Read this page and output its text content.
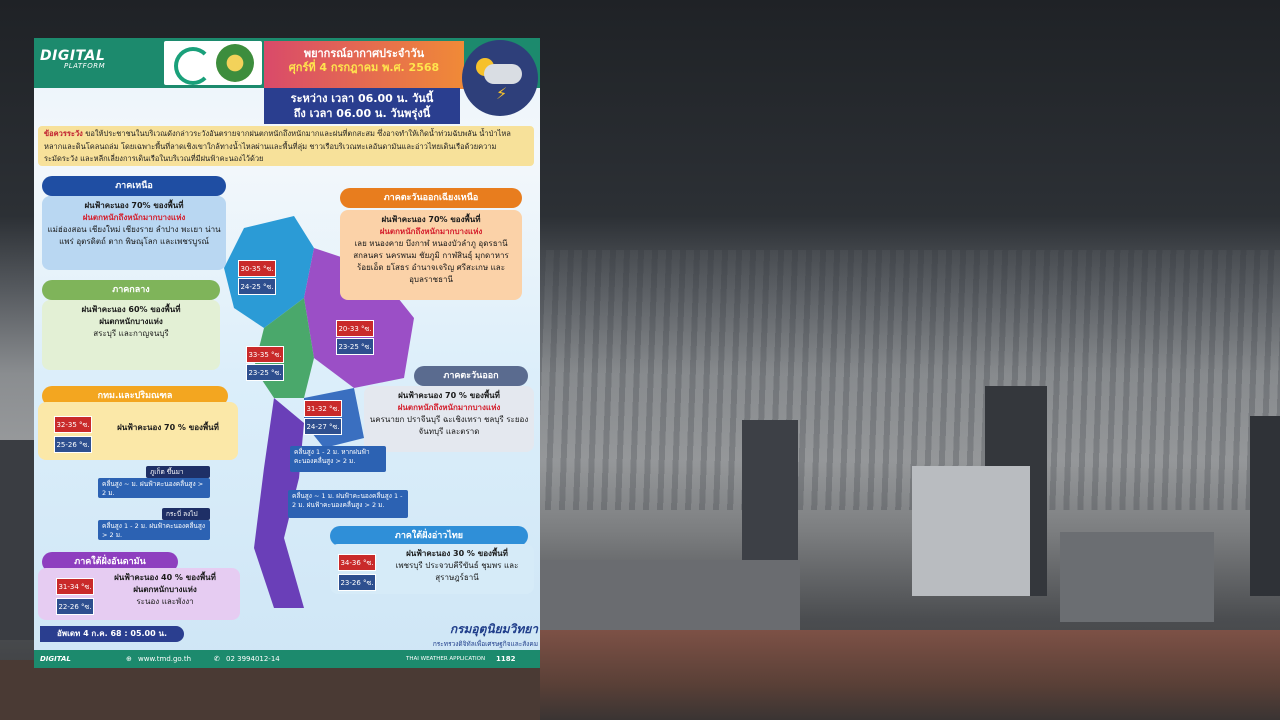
DIGITAL
PLATFORM
พยากรณ์อากาศประจำวัน
ศุกร์ที่ 4 กรกฎาคม พ.ศ. 2568
ระหว่าง เวลา 06.00 น. วันนี้
ถึง เวลา 06.00 น. วันพรุ่งนี้
⚡
ข้อควรระวัง ขอให้ประชาชนในบริเวณดังกล่าวระวังอันตรายจากฝนตกหนักถึงหนักมากและฝนที่ตกสะสม ซึ่งอาจทำให้เกิดน้ำท่วมฉับพลัน น้ำป่าไหลหลากและดินโคลนถล่ม โดยเฉพาะพื้นที่ลาดเชิงเขาใกล้ทางน้ำไหลผ่านและพื้นที่ลุ่ม ชาวเรือบริเวณทะเลอันดามันและอ่าวไทยเดินเรือด้วยความระมัดระวัง และหลีกเลี่ยงการเดินเรือในบริเวณที่มีฝนฟ้าคะนองไว้ด้วย
ภาคเหนือ
ฝนฟ้าคะนอง 70% ของพื้นที่
ฝนตกหนักถึงหนักมากบางแห่ง
แม่ฮ่องสอน เชียงใหม่ เชียงราย ลำปาง พะเยา น่าน แพร่ อุตรดิตถ์ ตาก พิษณุโลก และเพชรบูรณ์
30-35 °ซ.
24-25 °ซ.
ภาคกลาง
ฝนฟ้าคะนอง 60% ของพื้นที่
ฝนตกหนักบางแห่ง
สระบุรี และกาญจนบุรี
33-35 °ซ.
23-25 °ซ.
กทม.และปริมณฑล
ฝนฟ้าคะนอง 70 % ของพื้นที่
32-35 °ซ.
25-26 °ซ.
ภาคตะวันออกเฉียงเหนือ
ฝนฟ้าคะนอง 70% ของพื้นที่
ฝนตกหนักถึงหนักมากบางแห่ง
เลย หนองคาย บึงกาฬ หนองบัวลำภู อุดรธานี สกลนคร นครพนม ชัยภูมิ กาฬสินธุ์ มุกดาหาร ร้อยเอ็ด ยโสธร อำนาจเจริญ ศรีสะเกษ และอุบลราชธานี
20-33 °ซ.
23-25 °ซ.
ภาคตะวันออก
ฝนฟ้าคะนอง 70 % ของพื้นที่
ฝนตกหนักถึงหนักมากบางแห่ง
นครนายก ปราจีนบุรี ฉะเชิงเทรา ชลบุรี ระยอง จันทบุรี และตราด
31-32 °ซ.
24-27 °ซ.
คลื่นสูง 1 - 2 ม. หากฝนฟ้าคะนองคลื่นสูง > 2 ม.
ภูเก็ต ขึ้นมา
คลื่นสูง ~ ม. ฝนฟ้าคะนองคลื่นสูง > 2 ม.
กระบี่ ลงไป
คลื่นสูง 1 - 2 ม. ฝนฟ้าคะนองคลื่นสูง > 2 ม.
คลื่นสูง ~ 1 ม. ฝนฟ้าคะนองคลื่นสูง 1 - 2 ม. ฝนฟ้าคะนองคลื่นสูง > 2 ม.
ภาคใต้ฝั่งอ่าวไทย
ฝนฟ้าคะนอง 30 % ของพื้นที่
เพชรบุรี ประจวบคีรีขันธ์ ชุมพร และสุราษฎร์ธานี
34-36 °ซ.
23-26 °ซ.
ภาคใต้ฝั่งอันดามัน
ฝนฟ้าคะนอง 40 % ของพื้นที่
ฝนตกหนักบางแห่ง
ระนอง และพังงา
31-34 °ซ.
22-26 °ซ.
อัพเดท 4 ก.ค. 68 : 05.00 น.	กรมอุตุนิยมวิทยา
กระทรวงดิจิทัลเพื่อเศรษฐกิจและสังคม
DIGITAL	⊕ www.tmd.go.th	✆ 02 3994012-14	THAI WEATHER APPLICATION 1182
